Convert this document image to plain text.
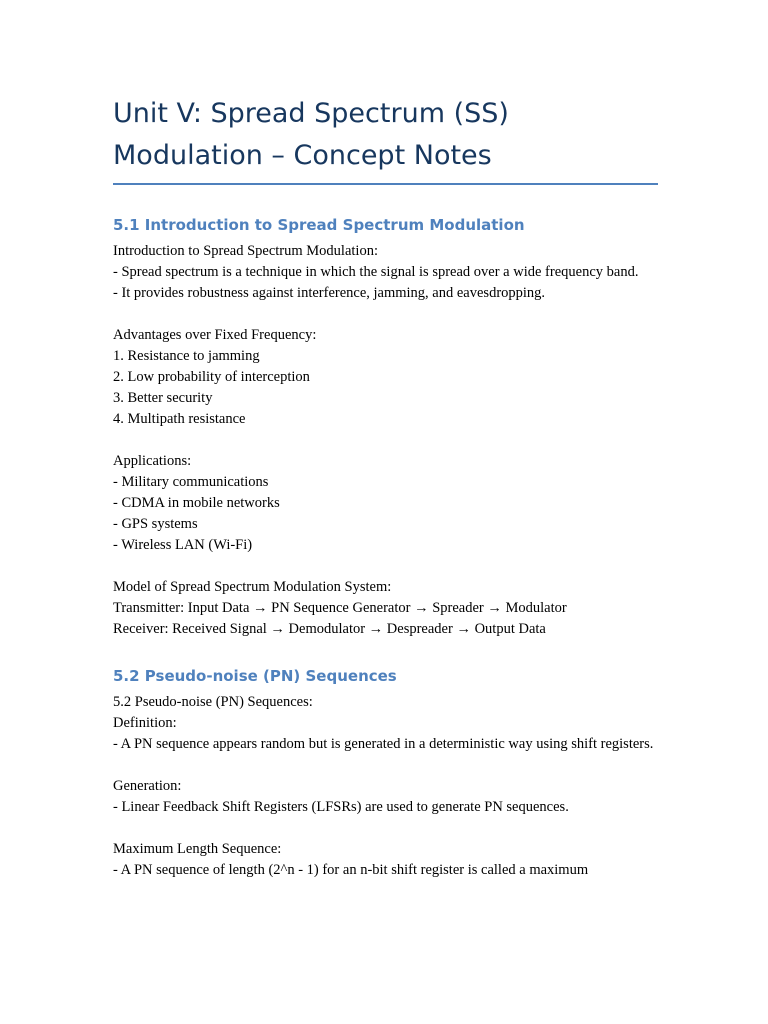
Unit V: Spread Spectrum (SS)
Modulation – Concept Notes
5.1 Introduction to Spread Spectrum Modulation

Introduction to Spread Spectrum Modulation:

- Spread spectrum is a technique in which the signal is spread over a wide frequency band.

- It provides robustness against interference, jamming, and eavesdropping.

Advantages over Fixed Frequency:

1. Resistance to jamming

2. Low probability of interception

3. Better security

4. Multipath resistance

Applications:

- Military communications

- CDMA in mobile networks

- GPS systems

- Wireless LAN (Wi-Fi)

Model of Spread Spectrum Modulation System:

Transmitter: Input Data → PN Sequence Generator → Spreader → Modulator

Receiver: Received Signal → Demodulator → Despreader → Output Data

5.2 Pseudo-noise (PN) Sequences

5.2 Pseudo-noise (PN) Sequences:

Definition:

- A PN sequence appears random but is generated in a deterministic way using shift registers.

Generation:

- Linear Feedback Shift Registers (LFSRs) are used to generate PN sequences.

Maximum Length Sequence:

- A PN sequence of length (2^n - 1) for an n-bit shift register is called a maximum
